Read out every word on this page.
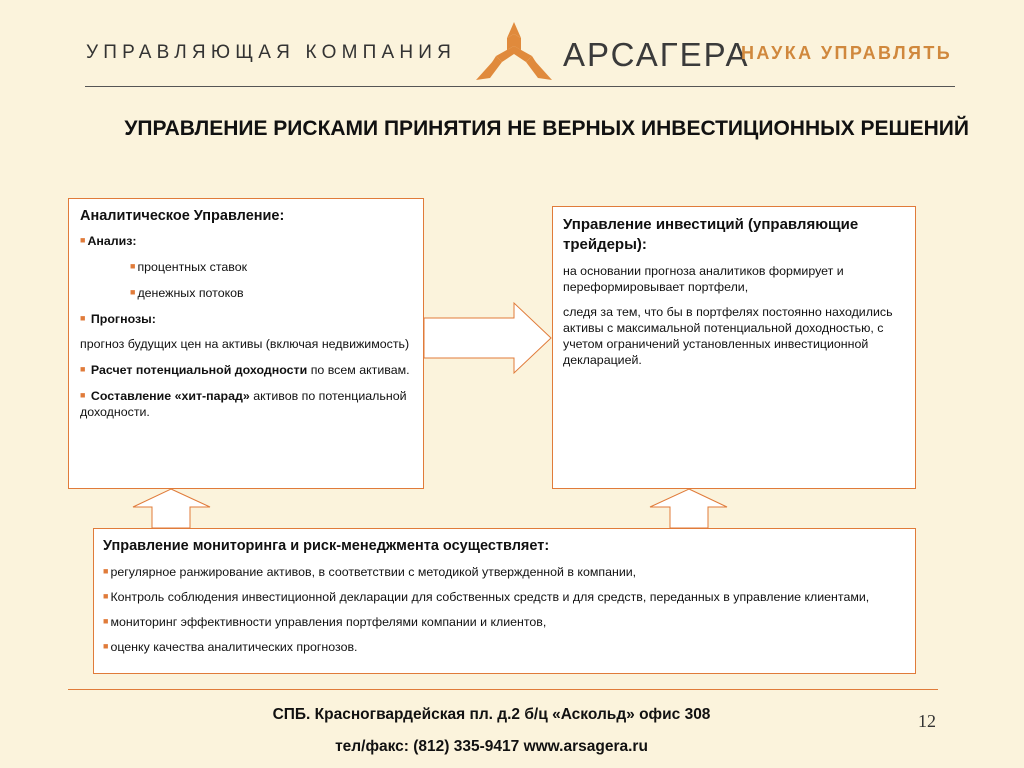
УПРАВЛЯЮЩАЯ КОМПАНИЯ	АРСАГЕРА
НАУКА УПРАВЛЯТЬ
УПРАВЛЕНИЕ РИСКАМИ ПРИНЯТИЯ НЕ ВЕРНЫХ ИНВЕСТИЦИОННЫХ РЕШЕНИЙ
Аналитическое Управление:
■ Анализ:
■ процентных ставок
■ денежных потоков
■ Прогнозы:
прогноз будущих цен на активы (включая недвижимость)
■ Расчет потенциальной доходности по всем активам.
■ Составление «хит-парад» активов по потенциальной доходности.
Управление инвестиций (управляющие трейдеры):
на основании прогноза аналитиков формирует и переформировывает портфели,
следя за тем, что бы в портфелях постоянно находились активы с максимальной потенциальной доходностью, с учетом ограничений установленных инвестиционной декларацией.
Управление мониторинга и риск-менеджмента осуществляет:
■ регулярное ранжирование активов, в соответствии с методикой утвержденной в компании,
■ Контроль соблюдения инвестиционной декларации для собственных средств и для средств, переданных в управление клиентами,
■ мониторинг эффективности управления портфелями компании и клиентов,
■ оценку качества аналитических прогнозов.
СПБ. Красногвардейская пл. д.2 б/ц «Аскольд» офис 308
тел/факс: (812) 335-9417 www.arsagera.ru
12
